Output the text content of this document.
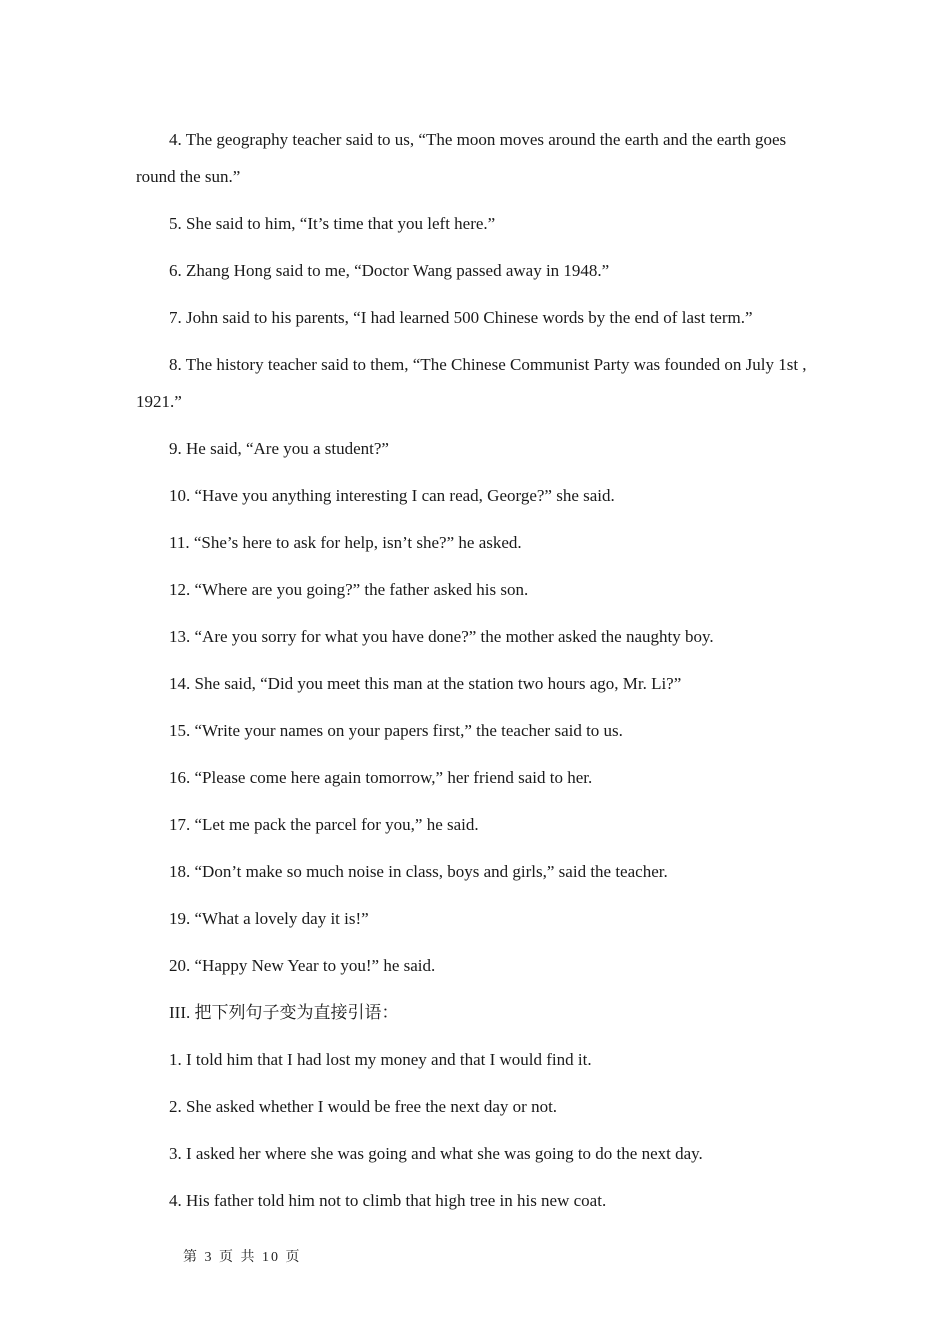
4. The geography teacher said to us, “The moon moves around the earth and the earth goes round the sun.”

5. She said to him, “It’s time that you left here.”

6. Zhang Hong said to me, “Doctor Wang passed away in 1948.”

7. John said to his parents, “I had learned 500 Chinese words by the end of last term.”

8. The history teacher said to them, “The Chinese Communist Party was founded on July 1st , 1921.”

9. He said, “Are you a student?”

10. “Have you anything interesting I can read, George?” she said.

11. “She’s here to ask for help, isn’t she?” he asked.

12. “Where are you going?” the father asked his son.

13. “Are you sorry for what you have done?” the mother asked the naughty boy.

14. She said, “Did you meet this man at the station two hours ago, Mr. Li?”

15. “Write your names on your papers first,” the teacher said to us.

16. “Please come here again tomorrow,” her friend said to her.

17. “Let me pack the parcel for you,” he said.

18. “Don’t make so much noise in class, boys and girls,” said the teacher.

19. “What a lovely day it is!”

20. “Happy New Year to you!” he said.

III. 把下列句子变为直接引语：

1. I told him that I had lost my money and that I would find it.

2. She asked whether I would be free the next day or not.

3. I asked her where she was going and what she was going to do the next day.

4. His father told him not to climb that high tree in his new coat.

第 3 页 共 10 页
